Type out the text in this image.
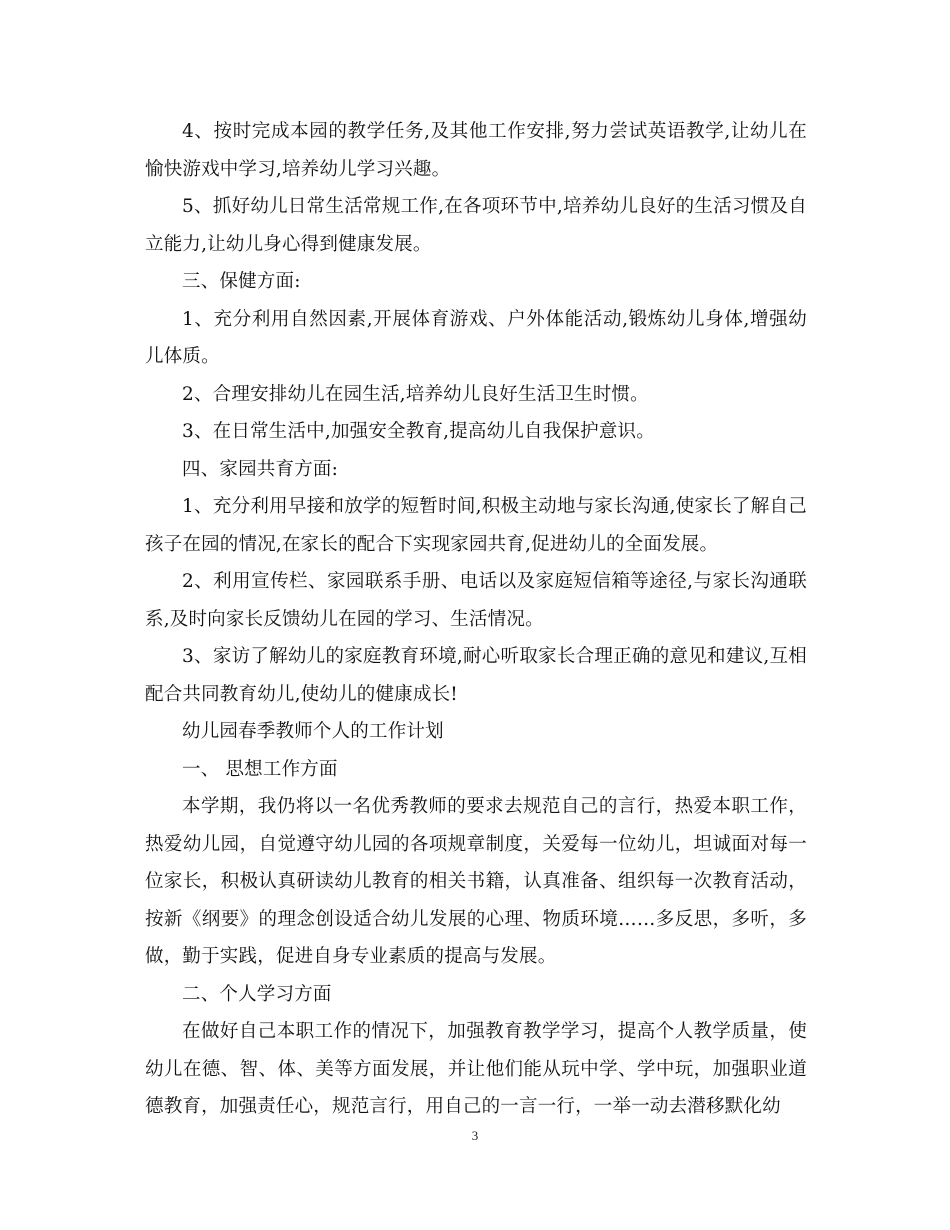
4、按时完成本园的教学任务,及其他工作安排,努力尝试英语教学,让幼儿在愉快游戏中学习,培养幼儿学习兴趣。

5、抓好幼儿日常生活常规工作,在各项环节中,培养幼儿良好的生活习惯及自立能力,让幼儿身心得到健康发展。

三、保健方面:

1、充分利用自然因素,开展体育游戏、户外体能活动,锻炼幼儿身体,增强幼儿体质。

2、合理安排幼儿在园生活,培养幼儿良好生活卫生时惯。

3、在日常生活中,加强安全教育,提高幼儿自我保护意识。

四、家园共育方面:

1、充分利用早接和放学的短暂时间,积极主动地与家长沟通,使家长了解自己孩子在园的情况,在家长的配合下实现家园共育,促进幼儿的全面发展。

2、利用宣传栏、家园联系手册、电话以及家庭短信箱等途径,与家长沟通联系,及时向家长反馈幼儿在园的学习、生活情况。

3、家访了解幼儿的家庭教育环境,耐心听取家长合理正确的意见和建议,互相配合共同教育幼儿,使幼儿的健康成长!

幼儿园春季教师个人的工作计划

一、 思想工作方面

本学期，我仍将以一名优秀教师的要求去规范自己的言行，热爱本职工作，热爱幼儿园，自觉遵守幼儿园的各项规章制度，关爱每一位幼儿，坦诚面对每一位家长，积极认真研读幼儿教育的相关书籍，认真准备、组织每一次教育活动，按新《纲要》的理念创设适合幼儿发展的心理、物质环境……多反思，多听，多做，勤于实践，促进自身专业素质的提高与发展。

二、个人学习方面

在做好自己本职工作的情况下，加强教育教学学习，提高个人教学质量，使幼儿在德、智、体、美等方面发展，并让他们能从玩中学、学中玩，加强职业道德教育，加强责任心，规范言行，用自己的一言一行，一举一动去潜移默化幼

3
